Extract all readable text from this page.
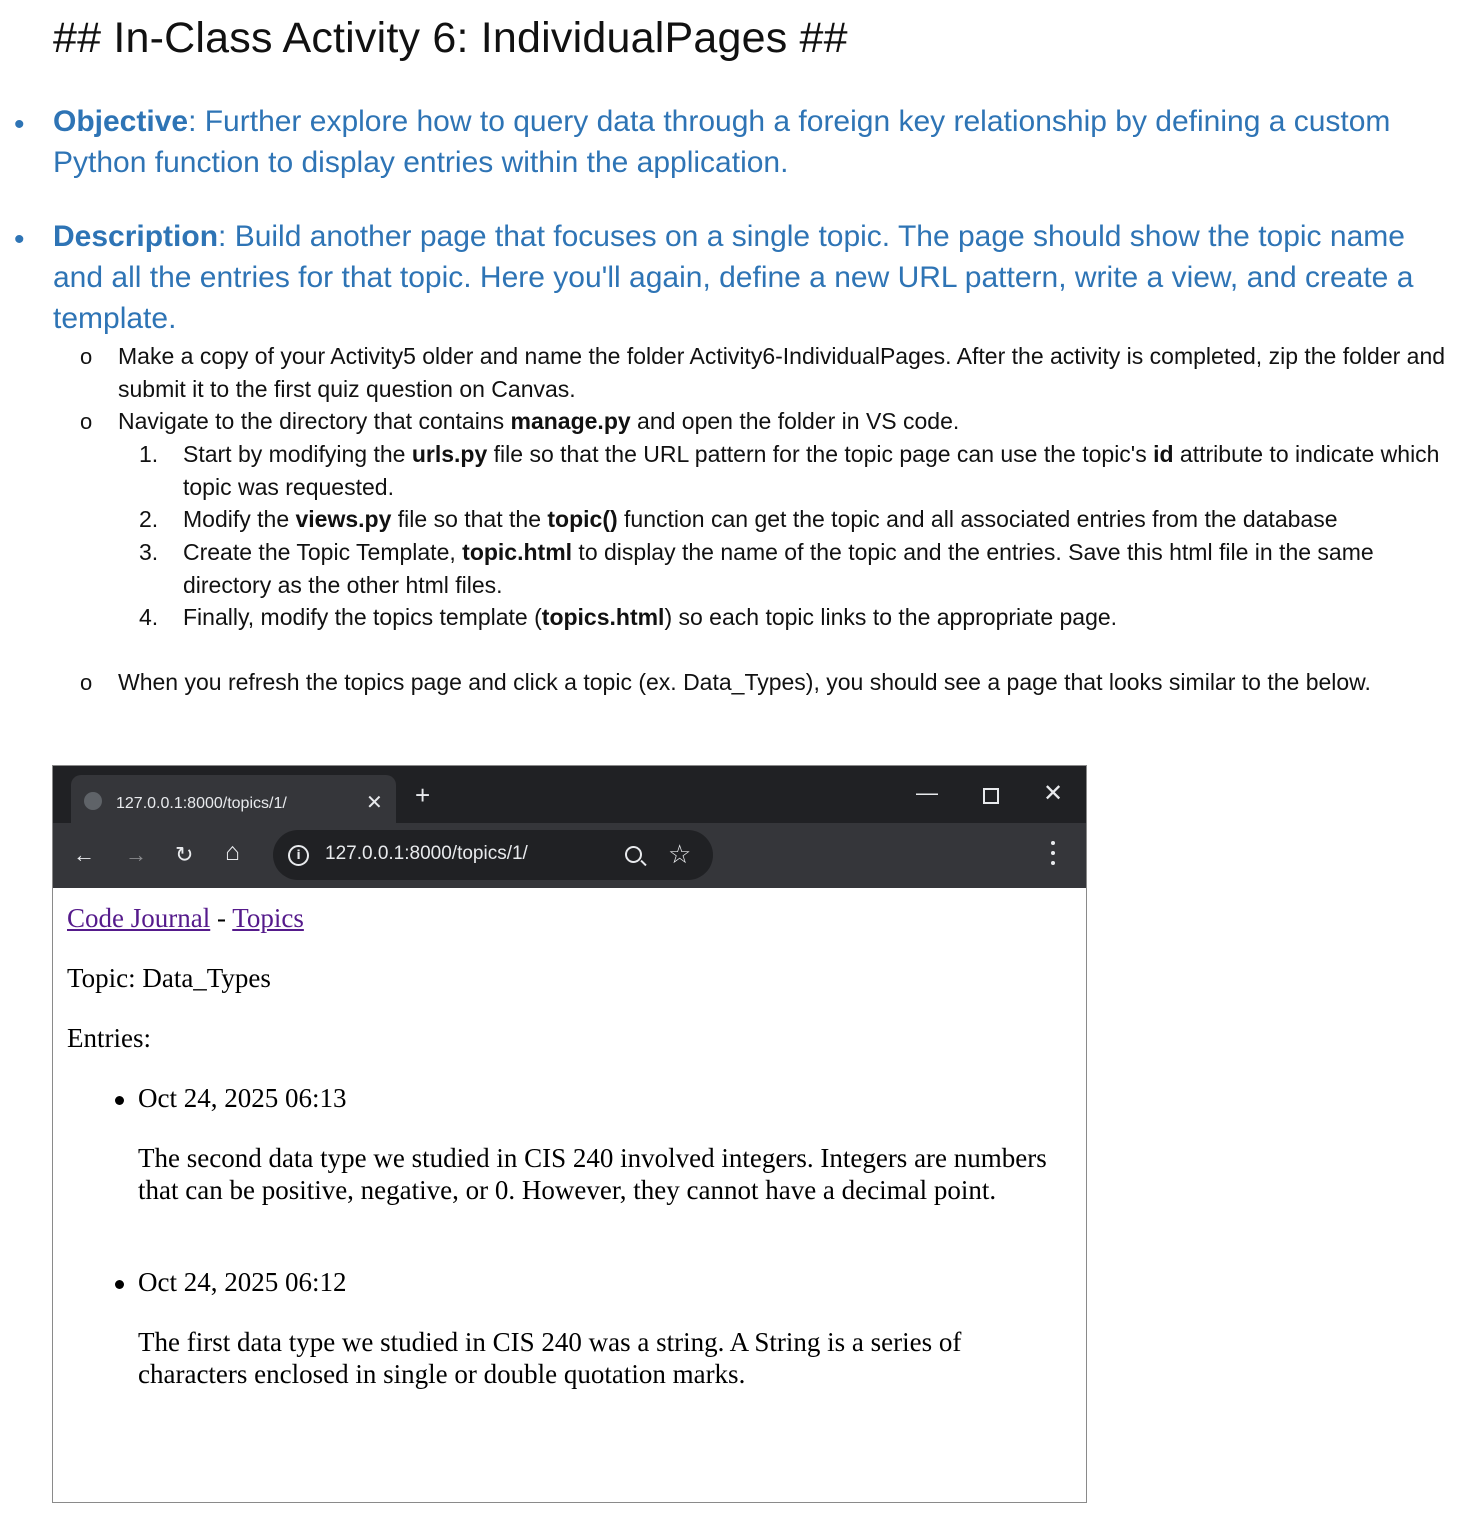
## In-Class Activity 6: IndividualPages ##
• Objective: Further explore how to query data through a foreign key relationship by defining a custom Python function to display entries within the application.
• Description: Build another page that focuses on a single topic. The page should show the topic name and all the entries for that topic. Here you'll again, define a new URL pattern, write a view, and create a template.
o Make a copy of your Activity5 older and name the folder Activity6-IndividualPages. After the activity is completed, zip the folder and submit it to the first quiz question on Canvas.
o Navigate to the directory that contains manage.py and open the folder in VS code.
1. Start by modifying the urls.py file so that the URL pattern for the topic page can use the topic's id attribute to indicate which topic was requested.
2. Modify the views.py file so that the topic() function can get the topic and all associated entries from the database
3. Create the Topic Template, topic.html to display the name of the topic and the entries. Save this html file in the same directory as the other html files.
4. Finally, modify the topics template (topics.html) so each topic links to the appropriate page.
o When you refresh the topics page and click a topic (ex. Data_Types), you should see a page that looks similar to the below.
127.0.0.1:8000/topics/1/	✕ +	—	✕
← → ↻ ⌂	i	127.0.0.1:8000/topics/1/	☆
Code Journal - Topics
Topic: Data_Types
Entries:
Oct 24, 2025 06:13
The second data type we studied in CIS 240 involved integers. Integers are numbers that can be positive, negative, or 0. However, they cannot have a decimal point.
Oct 24, 2025 06:12
The first data type we studied in CIS 240 was a string. A String is a series of characters enclosed in single or double quotation marks.
